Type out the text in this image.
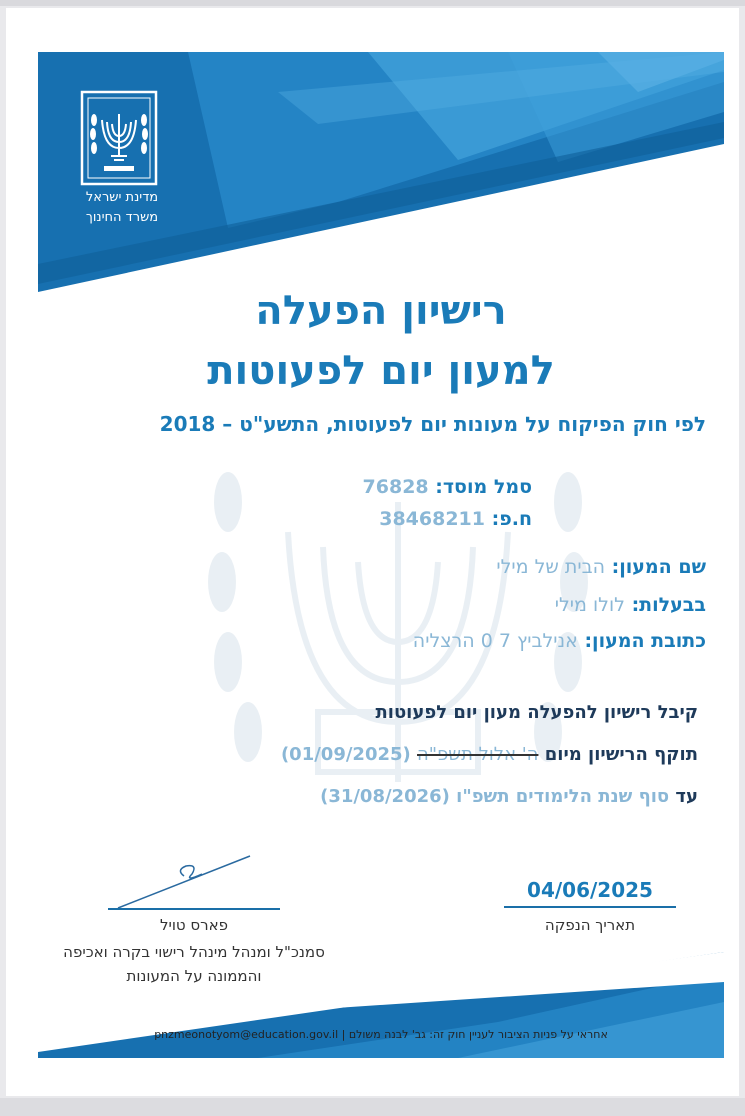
מדינת ישראל
משרד החינוך
רישיון הפעלה
למעון יום לפעוטות
לפי חוק הפיקוח על מעונות יום לפעוטות, התשע"ט – 2018
סמל מוסד: 76828
ח.פ: 38468211
שם המעון: הבית של מילי
בבעלות: לולו מילי
כתובת המעון: אנילביץ 7 0 הרצליה
קיבל רישיון להפעלה מעון יום לפעוטות
תוקף הרישיון מיום ה' אלול תשפ"ה (01/09/2025)
עד סוף שנת הלימודים תשפ"ו (31/08/2026)
פארס טויל
סמנכ"ל ומנהל מינהל רישוי בקרה ואכיפה
והממונה על המעונות
04/06/2025
תאריך הנפקה
אחראי על פניות הציבור לעניין חוק זה: גב' לבנה משולם | pnzmeonotyom@education.gov.il
